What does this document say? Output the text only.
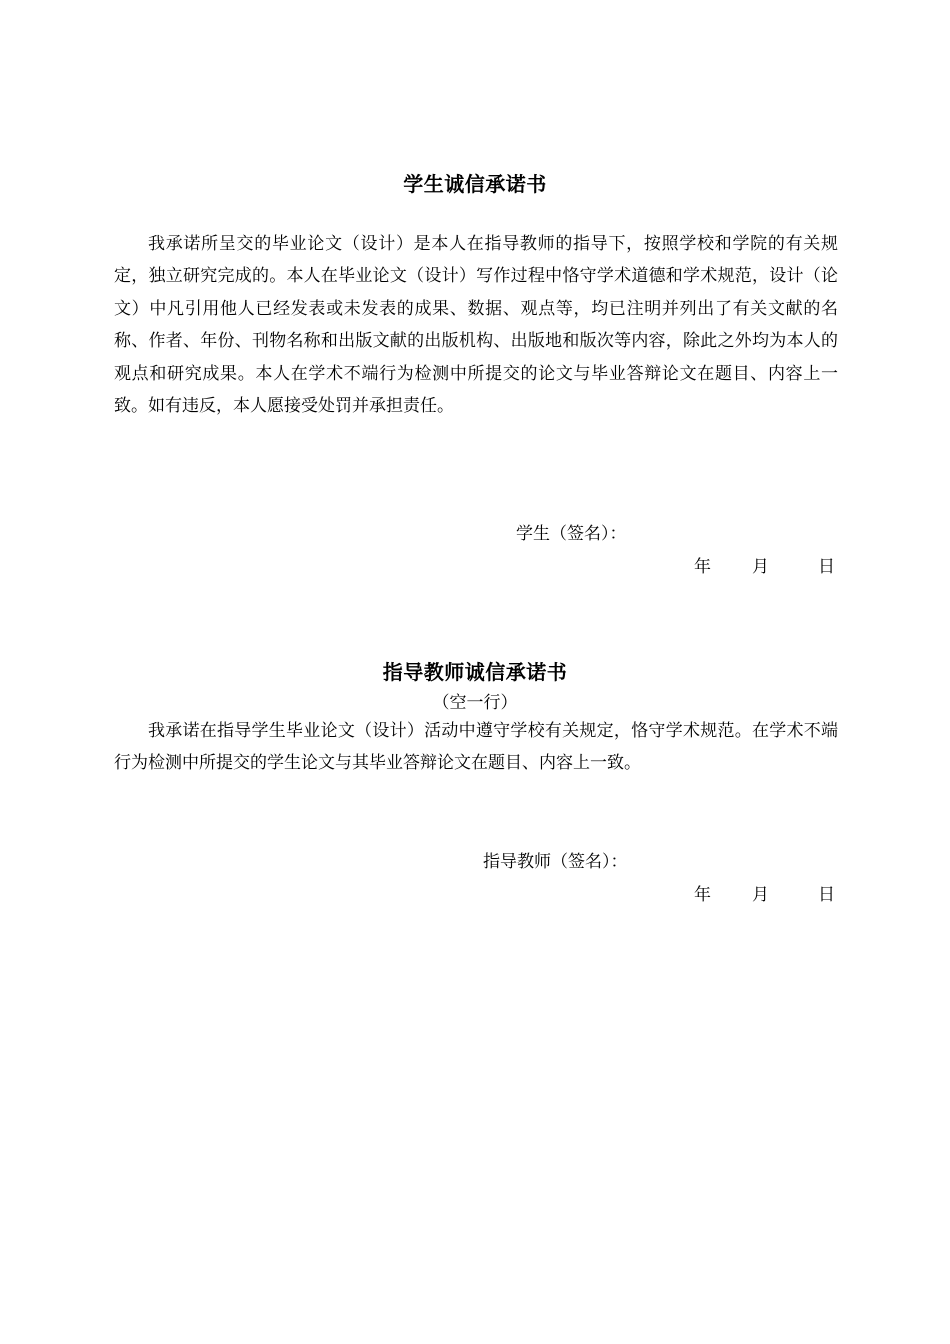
学生诚信承诺书

我承诺所呈交的毕业论文（设计）是本人在指导教师的指导下，按照学校和学院的有关规定，独立研究完成的。本人在毕业论文（设计）写作过程中恪守学术道德和学术规范，设计（论文）中凡引用他人已经发表或未发表的成果、数据、观点等，均已注明并列出了有关文献的名称、作者、年份、刊物名称和出版文献的出版机构、出版地和版次等内容，除此之外均为本人的观点和研究成果。本人在学术不端行为检测中所提交的论文与毕业答辩论文在题目、内容上一致。如有违反，本人愿接受处罚并承担责任。

学生（签名）：
年 月	日
指导教师诚信承诺书
（空一行）

我承诺在指导学生毕业论文（设计）活动中遵守学校有关规定，恪守学术规范。在学术不端行为检测中所提交的学生论文与其毕业答辩论文在题目、内容上一致。

指导教师（签名）：
年 月	日
